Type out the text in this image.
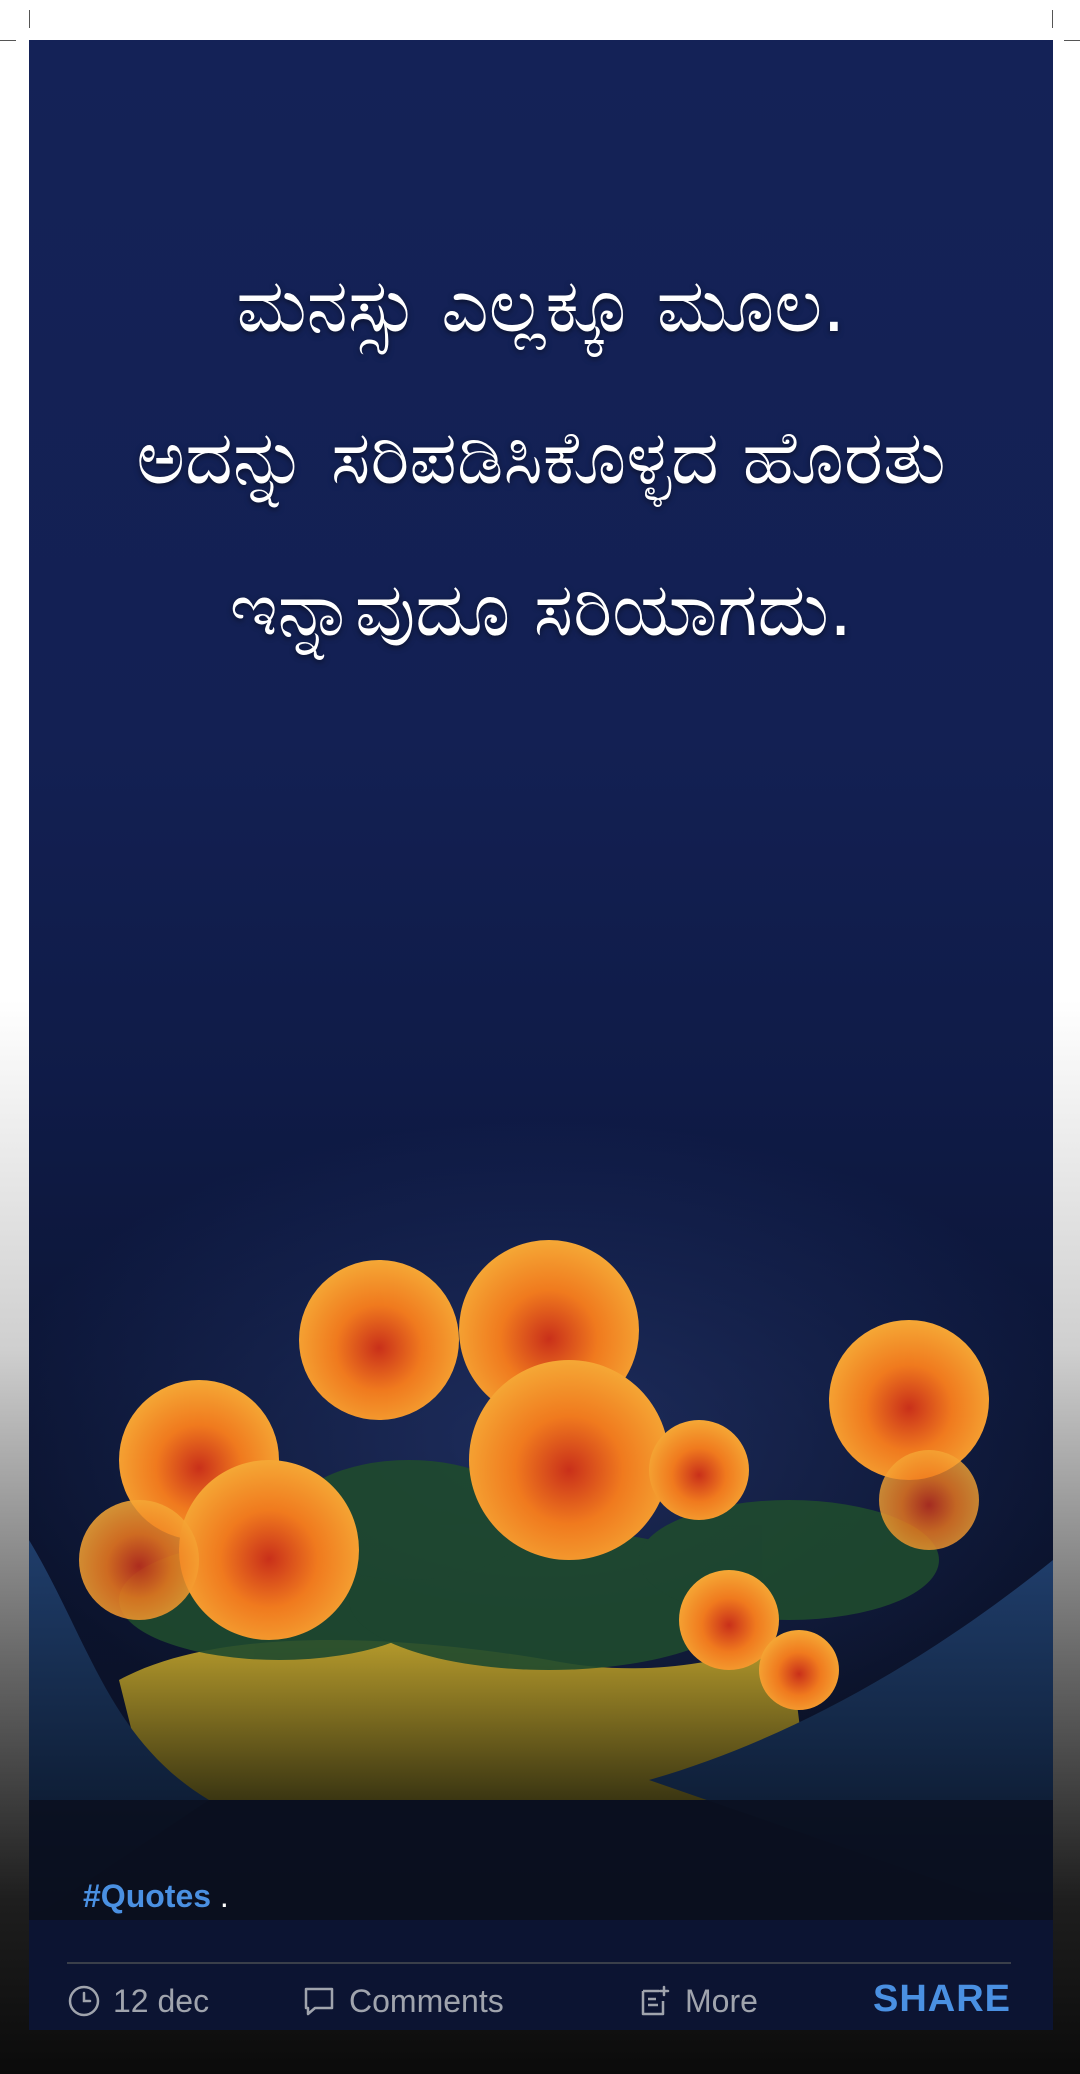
ಮನಸ್ಸು ಎಲ್ಲಕ್ಕೂ ಮೂಲ.
ಅದನ್ನು ಸರಿಪಡಿಸಿಕೊಳ್ಳದ ಹೊರತು
ಇನ್ನಾವುದೂ ಸರಿಯಾಗದು.
#Quotes .
12 dec	Comments	More	SHARE
